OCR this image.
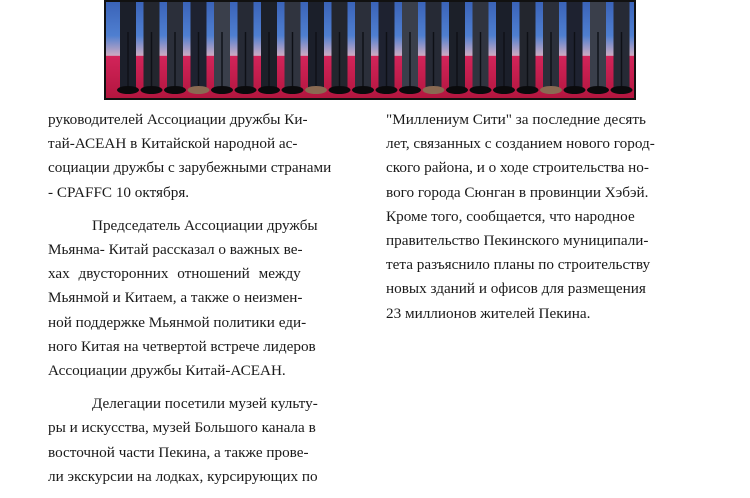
руководителей Ассоциации дружбы Ки-
тай-АСЕАН в Китайской народной ас-
социации дружбы с зарубежными странами
- CPAFFC 10 октября.

Председатель Ассоциации дружбы
Мьянма- Китай рассказал о важных ве-
хах двусторонних отношений между
Мьянмой и Китаем, а также о неизмен-
ной поддержке Мьянмой политики еди-
ного Китая на четвертой встрече лидеров
Ассоциации дружбы Китай-АСЕАН.

Делегации посетили музей культу-
ры и искусства, музей Большого канала в
восточной части Пекина, а также прове-
ли экскурсии на лодках, курсирующих по

"Миллениум Сити" за последние десять
лет, связанных с созданием нового город-
ского района, и о ходе строительства но-
вого города Сюнган в провинции Хэбэй.
Кроме того, сообщается, что народное
правительство Пекинского муниципали-
тета разъяснило планы по строительству
новых зданий и офисов для размещения
23 миллионов жителей Пекина.
